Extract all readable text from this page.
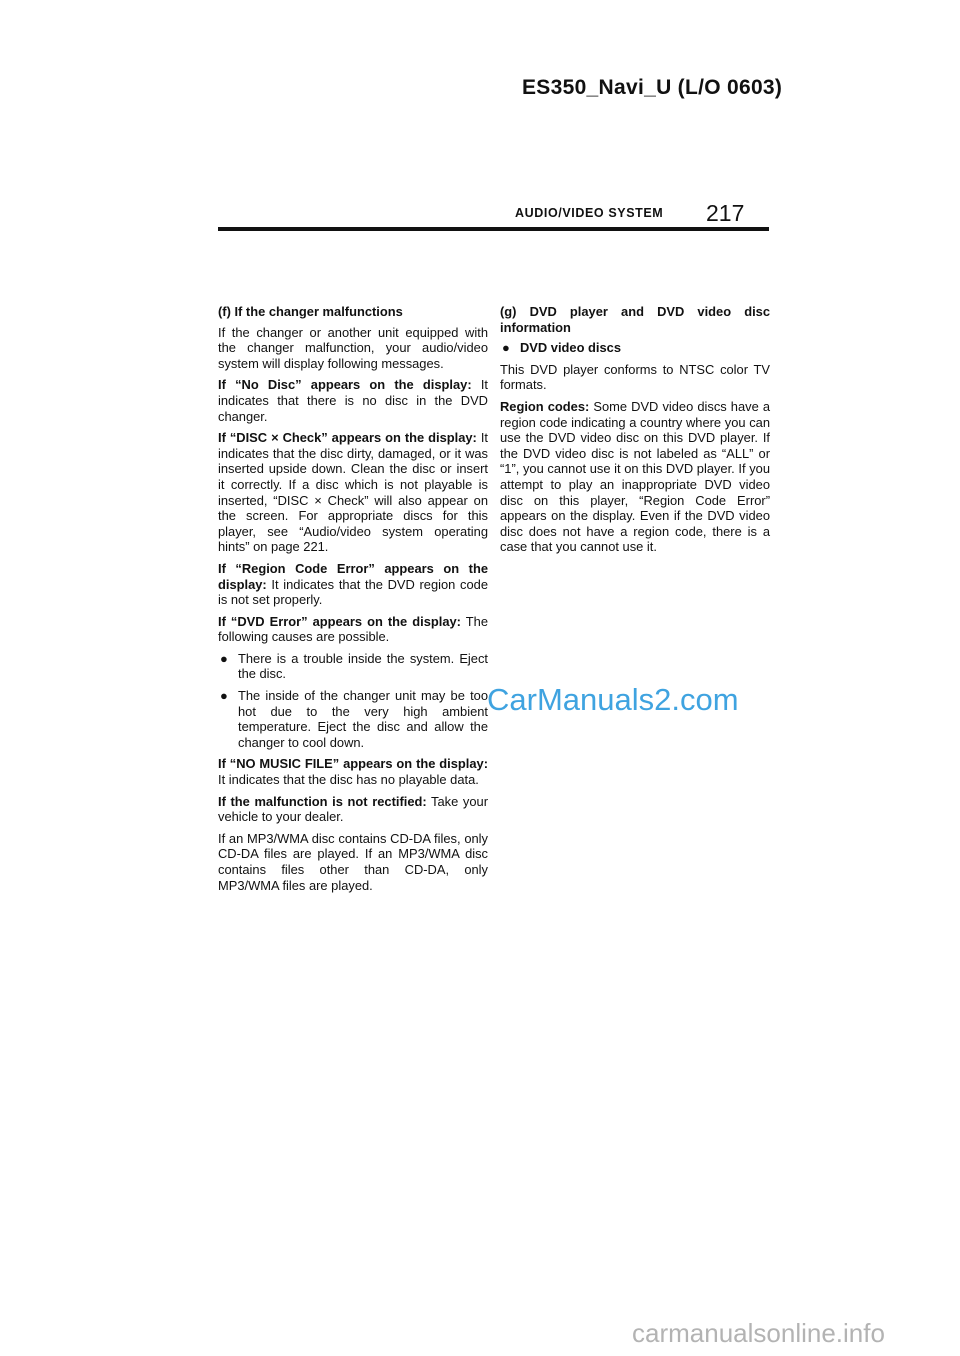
ES350_Navi_U (L/O 0603)
AUDIO/VIDEO SYSTEM 217

(f) If the changer malfunctions

If the changer or another unit equipped with the changer malfunction, your audio/video system will display following messages.

If “No Disc” appears on the display: It indicates that there is no disc in the DVD changer.

If “DISC × Check” appears on the display: It indicates that the disc dirty, damaged, or it was inserted upside down. Clean the disc or insert it correctly. If a disc which is not playable is inserted, “DISC × Check” will also appear on the screen. For appropriate discs for this player, see “Audio/video system operating hints” on page 221.

If “Region Code Error” appears on the display: It indicates that the DVD region code is not set properly.

If “DVD Error” appears on the display: The following causes are possible.

● There is a trouble inside the system. Eject the disc.
● The inside of the changer unit may be too hot due to the very high ambient temperature. Eject the disc and allow the changer to cool down.

If “NO MUSIC FILE” appears on the display: It indicates that the disc has no playable data.

If the malfunction is not rectified: Take your vehicle to your dealer.

If an MP3/WMA disc contains CD-DA files, only CD-DA files are played. If an MP3/WMA disc contains files other than CD-DA, only MP3/WMA files are played.

(g) DVD player and DVD video disc information

● DVD video discs

This DVD player conforms to NTSC color TV formats.

Region codes: Some DVD video discs have a region code indicating a country where you can use the DVD video disc on this DVD player. If the DVD video disc is not labeled as “ALL” or “1”, you cannot use it on this DVD player. If you attempt to play an inappropriate DVD video disc on this player, “Region Code Error” appears on the display. Even if the DVD video disc does not have a region code, there is a case that you cannot use it.

CarManuals2.com
carmanualsonline.info
